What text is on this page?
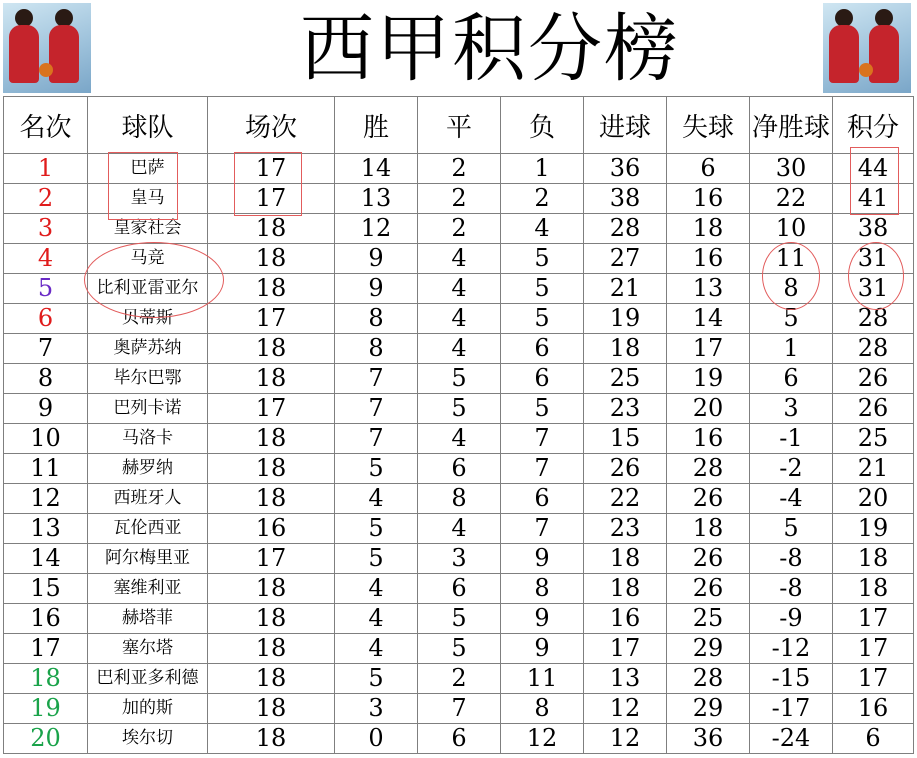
西甲积分榜
名次	球队	场次	胜	平	负	进球	失球	净胜球	积分
1	巴萨	17	14	2	1	36	6	30	44
2	皇马	17	13	2	2	38	16	22	41
3	皇家社会	18	12	2	4	28	18	10	38
4	马竞	18	9	4	5	27	16	11	31
5	比利亚雷亚尔	18	9	4	5	21	13	8	31
6	贝蒂斯	17	8	4	5	19	14	5	28
7	奥萨苏纳	18	8	4	6	18	17	1	28
8	毕尔巴鄂	18	7	5	6	25	19	6	26
9	巴列卡诺	17	7	5	5	23	20	3	26
10	马洛卡	18	7	4	7	15	16	-1	25
11	赫罗纳	18	5	6	7	26	28	-2	21
12	西班牙人	18	4	8	6	22	26	-4	20
13	瓦伦西亚	16	5	4	7	23	18	5	19
14	阿尔梅里亚	17	5	3	9	18	26	-8	18
15	塞维利亚	18	4	6	8	18	26	-8	18
16	赫塔菲	18	4	5	9	16	25	-9	17
17	塞尔塔	18	4	5	9	17	29	-12	17
18	巴利亚多利德	18	5	2	11	13	28	-15	17
19	加的斯	18	3	7	8	12	29	-17	16
20	埃尔切	18	0	6	12	12	36	-24	6
